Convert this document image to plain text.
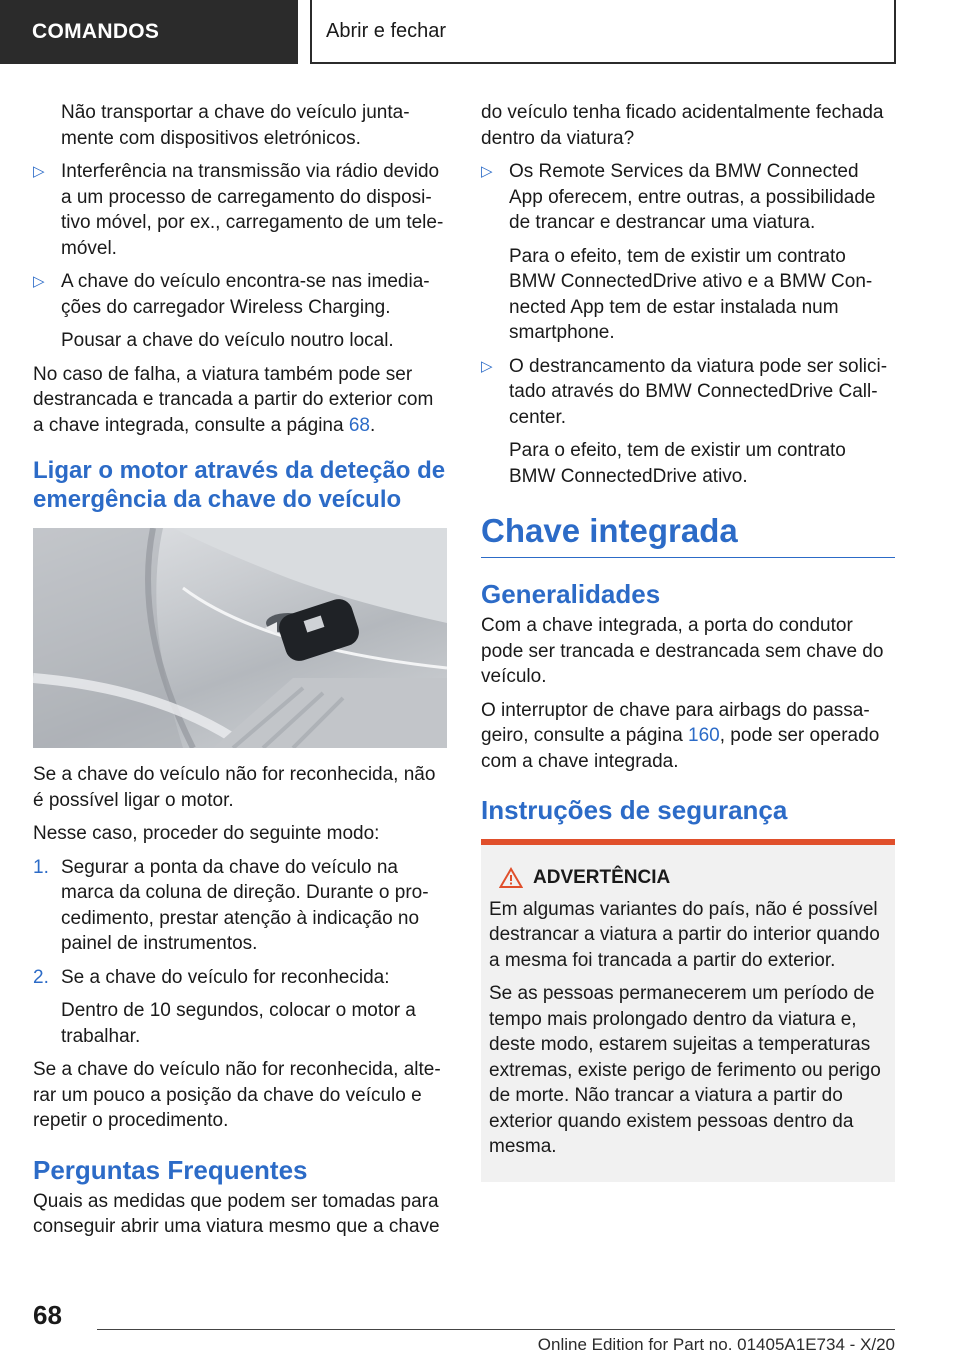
COMANDOS	Abrir e fechar

Não transportar a chave do veículo juntamente com dispositivos eletrónicos.

▷ Interferência na transmissão via rádio devido a um processo de carregamento do dispositivo móvel, por ex., carregamento de um telemóvel.
▷ A chave do veículo encontra-se nas imediações do carregador Wireless Charging.

Pousar a chave do veículo noutro local.

No caso de falha, a viatura também pode ser destrancada e trancada a partir do exterior com a chave integrada, consulte a página 68.

Ligar o motor através da deteção de emergência da chave do veículo

Se a chave do veículo não for reconhecida, não é possível ligar o motor.

Nesse caso, proceder do seguinte modo:

1. Segurar a ponta da chave do veículo na marca da coluna de direção. Durante o procedimento, prestar atenção à indicação no painel de instrumentos.
2. Se a chave do veículo for reconhecida:

Dentro de 10 segundos, colocar o motor a trabalhar.

Se a chave do veículo não for reconhecida, alterar um pouco a posição da chave do veículo e repetir o procedimento.

Perguntas Frequentes

Quais as medidas que podem ser tomadas para conseguir abrir uma viatura mesmo que a chave

do veículo tenha ficado acidentalmente fechada dentro da viatura?

▷ Os Remote Services da BMW Connected App oferecem, entre outras, a possibilidade de trancar e destrancar uma viatura.

Para o efeito, tem de existir um contrato BMW ConnectedDrive ativo e a BMW Connected App tem de estar instalada num smartphone.

▷ O destrancamento da viatura pode ser solicitado através do BMW ConnectedDrive Callcenter.

Para o efeito, tem de existir um contrato BMW ConnectedDrive ativo.

Chave integrada
Generalidades

Com a chave integrada, a porta do condutor pode ser trancada e destrancada sem chave do veículo.

O interruptor de chave para airbags do passageiro, consulte a página 160, pode ser operado com a chave integrada.

Instruções de segurança
ADVERTÊNCIA

Em algumas variantes do país, não é possível destrancar a viatura a partir do interior quando a mesma foi trancada a partir do exterior.

Se as pessoas permanecerem um período de tempo mais prolongado dentro da viatura e, deste modo, estarem sujeitas a temperaturas extremas, existe perigo de ferimento ou perigo de morte. Não trancar a viatura a partir do exterior quando existem pessoas dentro da mesma.

68
Online Edition for Part no. 01405A1E734 - X/20
